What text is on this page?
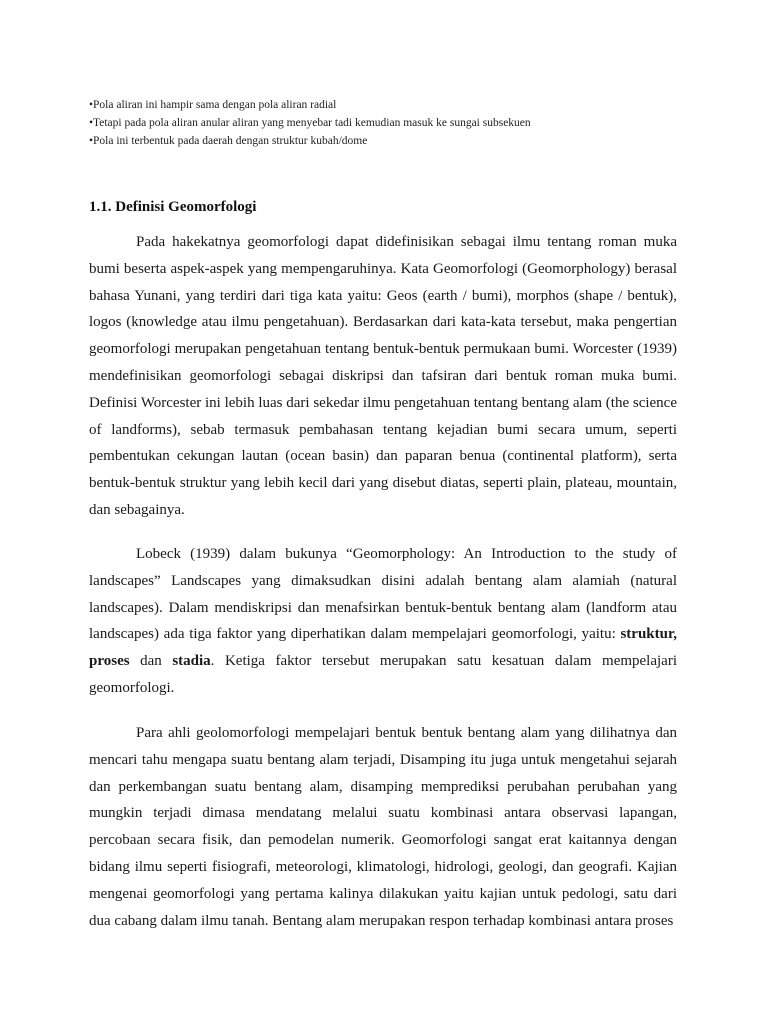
•Pola aliran ini hampir sama dengan pola aliran radial
•Tetapi pada pola aliran anular aliran yang menyebar tadi kemudian masuk ke sungai subsekuen
•Pola ini terbentuk pada daerah dengan struktur kubah/dome
1.1. Definisi Geomorfologi

Pada hakekatnya geomorfologi dapat didefinisikan sebagai ilmu tentang roman muka bumi beserta aspek-aspek yang mempengaruhinya. Kata Geomorfologi (Geomorphology) berasal bahasa Yunani, yang terdiri dari tiga kata yaitu: Geos (earth / bumi), morphos (shape / bentuk), logos (knowledge atau ilmu pengetahuan). Berdasarkan dari kata-kata tersebut, maka pengertian geomorfologi merupakan pengetahuan tentang bentuk-bentuk permukaan bumi. Worcester (1939) mendefinisikan geomorfologi sebagai diskripsi dan tafsiran dari bentuk roman muka bumi. Definisi Worcester ini lebih luas dari sekedar ilmu pengetahuan tentang bentang alam (the science of landforms), sebab termasuk pembahasan tentang kejadian bumi secara umum, seperti pembentukan cekungan lautan (ocean basin) dan paparan benua (continental platform), serta bentuk-bentuk struktur yang lebih kecil dari yang disebut diatas, seperti plain, plateau, mountain, dan sebagainya.

Lobeck (1939) dalam bukunya “Geomorphology: An Introduction to the study of landscapes” Landscapes yang dimaksudkan disini adalah bentang alam alamiah (natural landscapes). Dalam mendiskripsi dan menafsirkan bentuk-bentuk bentang alam (landform atau landscapes) ada tiga faktor yang diperhatikan dalam mempelajari geomorfologi, yaitu: struktur, proses dan stadia. Ketiga faktor tersebut merupakan satu kesatuan dalam mempelajari geomorfologi.

Para ahli geolomorfologi mempelajari bentuk bentuk bentang alam yang dilihatnya dan mencari tahu mengapa suatu bentang alam terjadi, Disamping itu juga untuk mengetahui sejarah dan perkembangan suatu bentang alam, disamping memprediksi perubahan perubahan yang mungkin terjadi dimasa mendatang melalui suatu kombinasi antara observasi lapangan, percobaan secara fisik, dan pemodelan numerik. Geomorfologi sangat erat kaitannya dengan bidang ilmu seperti fisiografi, meteorologi, klimatologi, hidrologi, geologi, dan geografi. Kajian mengenai geomorfologi yang pertama kalinya dilakukan yaitu kajian untuk pedologi, satu dari dua cabang dalam ilmu tanah. Bentang alam merupakan respon terhadap kombinasi antara proses
